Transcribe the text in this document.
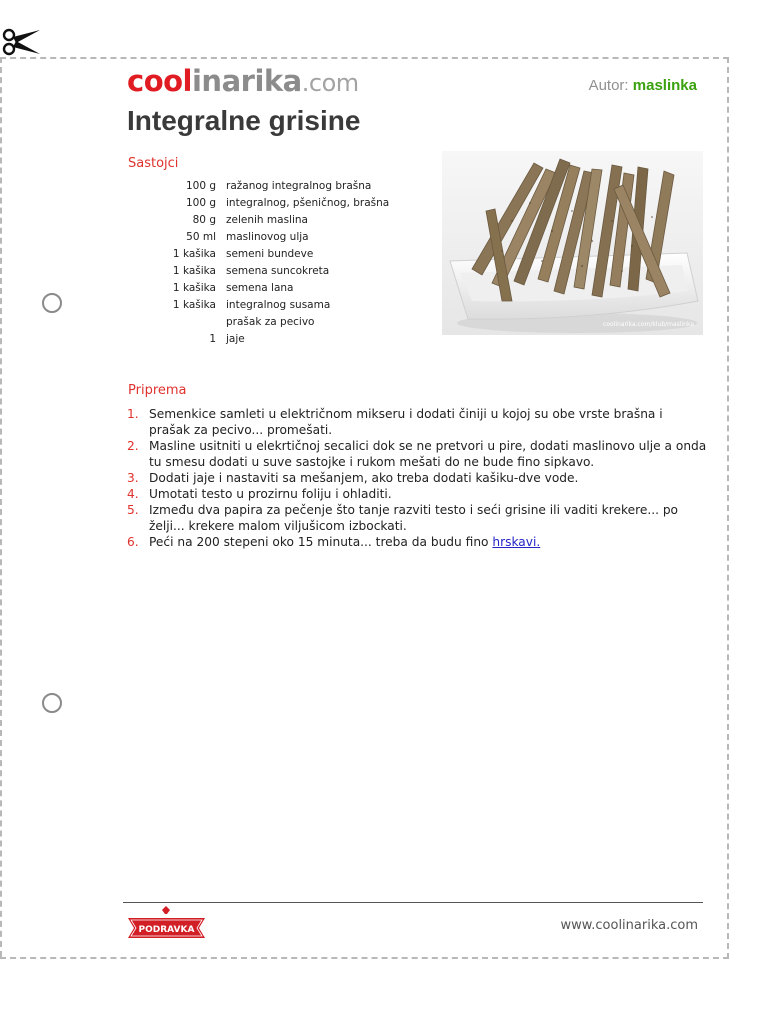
coolinarika.com	Autor: maslinka
Integralne grisine
Sastojci
100 g ražanog integralnog brašna
100 g integralnog, pšeničnog, brašna
80 g zelenih maslina
50 ml maslinovog ulja
1 kašika semeni bundeve
1 kašika semena suncokreta
1 kašika semena lana
1 kašika integralnog susama
prašak za pecivo
1 jaje
coolinarika.com/klub/maslinka
Priprema
1. Semenkice samleti u električnom mikseru i dodati činiji u kojoj su obe vrste brašna i prašak za pecivo... promešati.
2. Masline usitniti u elekrtičnoj secalici dok se ne pretvori u pire, dodati maslinovo ulje a onda tu smesu dodati u suve sastojke i rukom mešati do ne bude fino sipkavo.
3. Dodati jaje i nastaviti sa mešanjem, ako treba dodati kašiku-dve vode.
4. Umotati testo u prozirnu foliju i ohladiti.
5. Između dva papira za pečenje što tanje razviti testo i seći grisine ili vaditi krekere... po želji... krekere malom viljušicom izbockati.
6. Peći na 200 stepeni oko 15 minuta... treba da budu fino hrskavi.
PODRAVKA	www.coolinarika.com
